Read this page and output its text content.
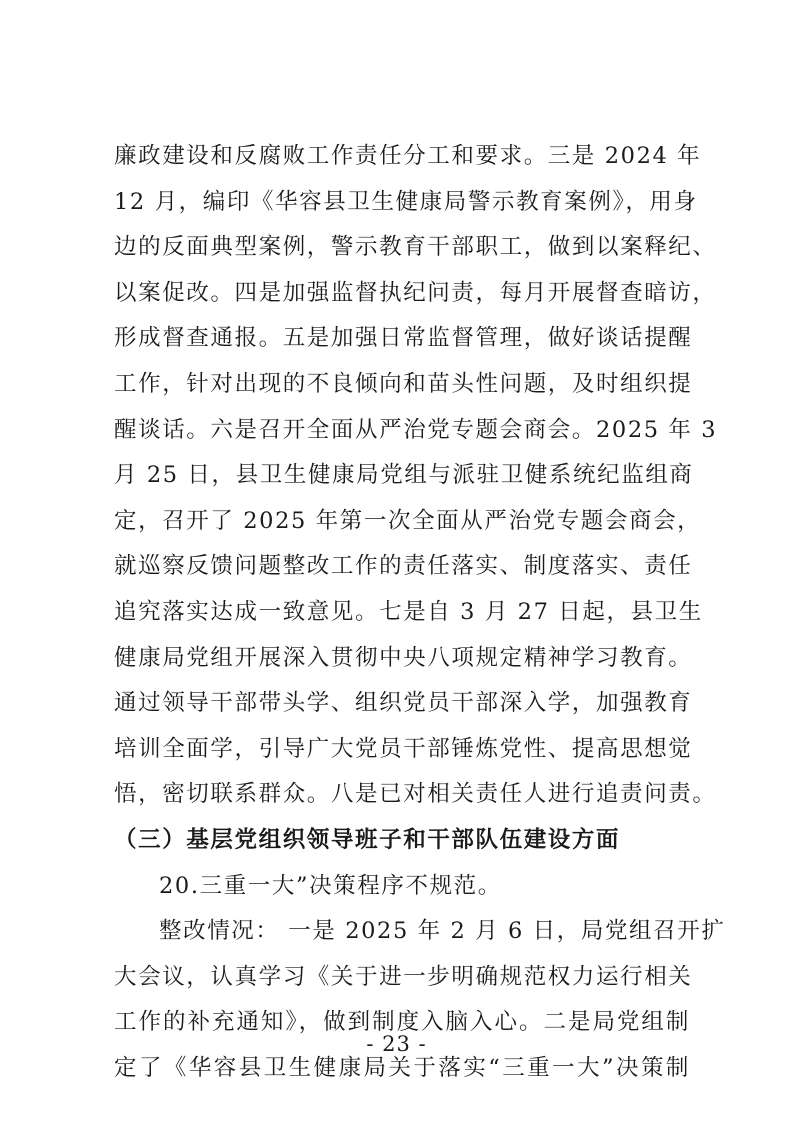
廉政建设和反腐败工作责任分工和要求。三是 2024 年
12 月，编印《华容县卫生健康局警示教育案例》，用身
边的反面典型案例，警示教育干部职工，做到以案释纪、
以案促改。四是加强监督执纪问责，每月开展督查暗访，
形成督查通报。五是加强日常监督管理，做好谈话提醒
工作，针对出现的不良倾向和苗头性问题，及时组织提
醒谈话。六是召开全面从严治党专题会商会。2025 年 3
月 25 日，县卫生健康局党组与派驻卫健系统纪监组商
定，召开了 2025 年第一次全面从严治党专题会商会，
就巡察反馈问题整改工作的责任落实、制度落实、责任
追究落实达成一致意见。七是自 3 月 27 日起，县卫生
健康局党组开展深入贯彻中央八项规定精神学习教育。
通过领导干部带头学、组织党员干部深入学，加强教育
培训全面学，引导广大党员干部锤炼党性、提高思想觉
悟，密切联系群众。八是已对相关责任人进行追责问责。
（三）基层党组织领导班子和干部队伍建设方面
20.三重一大”决策程序不规范。
整改情况： 一是 2025 年 2 月 6 日，局党组召开扩
大会议，认真学习《关于进一步明确规范权力运行相关
工作的补充通知》，做到制度入脑入心。二是局党组制
定了《华容县卫生健康局关于落实“三重一大”决策制
- 23 -
